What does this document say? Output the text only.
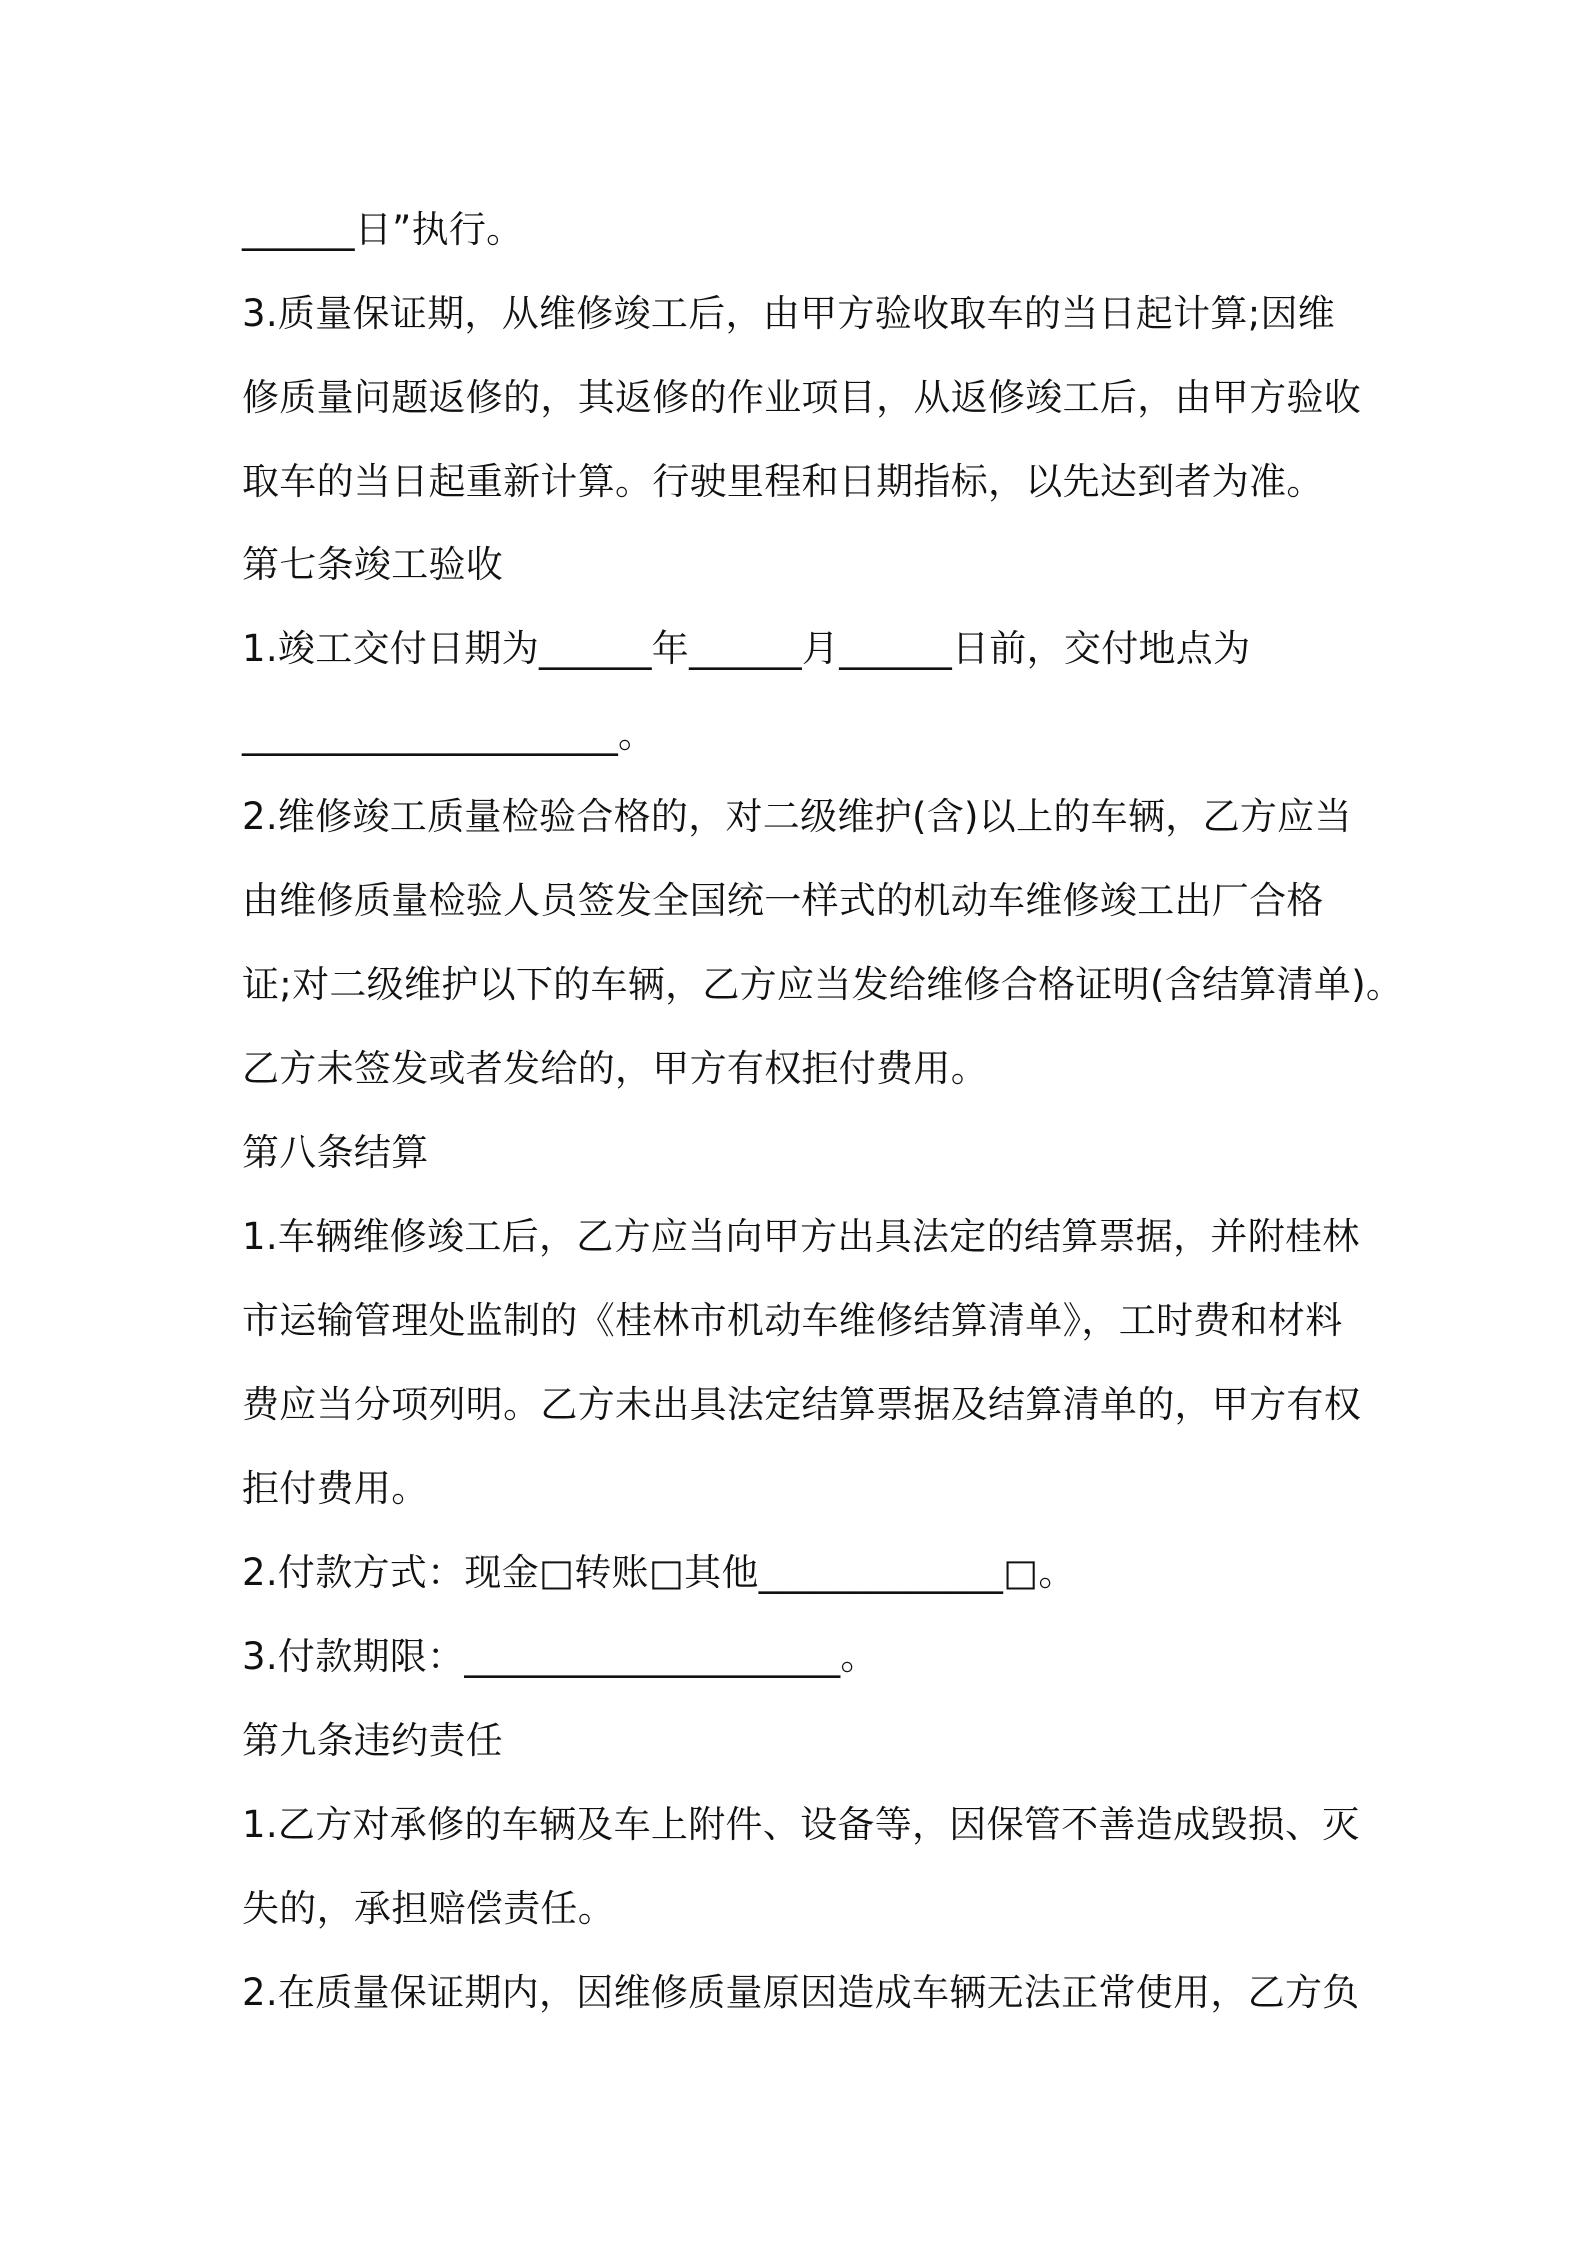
______日”执行。
3.质量保证期，从维修竣工后，由甲方验收取车的当日起计算;因维
修质量问题返修的，其返修的作业项目，从返修竣工后，由甲方验收
取车的当日起重新计算。行驶里程和日期指标，以先达到者为准。
第七条竣工验收
1.竣工交付日期为______年______月______日前，交付地点为
____________________。
2.维修竣工质量检验合格的，对二级维护(含)以上的车辆，乙方应当
由维修质量检验人员签发全国统一样式的机动车维修竣工出厂合格
证;对二级维护以下的车辆，乙方应当发给维修合格证明(含结算清单)。
乙方未签发或者发给的，甲方有权拒付费用。
第八条结算
1.车辆维修竣工后，乙方应当向甲方出具法定的结算票据，并附桂林
市运输管理处监制的《桂林市机动车维修结算清单》，工时费和材料
费应当分项列明。乙方未出具法定结算票据及结算清单的，甲方有权
拒付费用。
2.付款方式：现金□转账□其他_____________□。
3.付款期限：____________________。
第九条违约责任
1.乙方对承修的车辆及车上附件、设备等，因保管不善造成毁损、灭
失的，承担赔偿责任。
2.在质量保证期内，因维修质量原因造成车辆无法正常使用，乙方负
